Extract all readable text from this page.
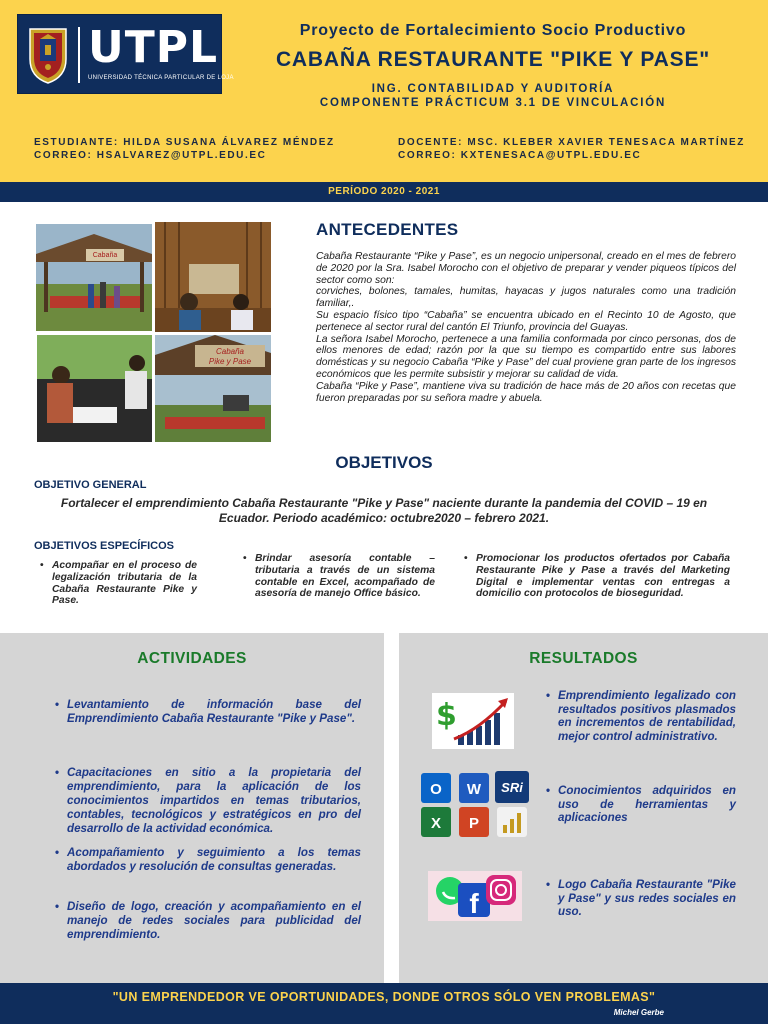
UTPL
UNIVERSIDAD TÉCNICA PARTICULAR DE LOJA
Proyecto de Fortalecimiento Socio Productivo
CABAÑA RESTAURANTE "PIKE Y PASE"
ING. CONTABILIDAD Y AUDITORÍA
COMPONENTE PRÁCTICUM 3.1 DE VINCULACIÓN
ESTUDIANTE: HILDA SUSANA ÁLVAREZ MÉNDEZ
CORREO: HSALVAREZ@UTPL.EDU.EC
DOCENTE: MSC. KLEBER XAVIER TENESACA MARTÍNEZ
CORREO: KXTENESACA@UTPL.EDU.EC
PERÍODO 2020 - 2021
Cabaña
Cabaña
Pike y Pase
ANTECEDENTES

Cabaña Restaurante “Pike y Pase”, es un negocio unipersonal, creado en el mes de febrero de 2020 por la Sra. Isabel Morocho con el objetivo de preparar y vender piqueos típicos del sector como son:

corviches, bolones, tamales, humitas, hayacas y jugos naturales como una tradición familiar,.

Su espacio físico tipo “Cabaña” se encuentra ubicado en el Recinto 10 de Agosto, que pertenece al sector rural del cantón El Triunfo, provincia del Guayas.

La señora Isabel Morocho, pertenece a una familia conformada por cinco personas, dos de ellos menores de edad; razón por la que su tiempo es compartido entre sus labores domésticas y su negocio Cabaña “Pike y Pase” del cual proviene gran parte de los ingresos económicos que les permite subsistir y mejorar su calidad de vida.

Cabaña “Pike y Pase”, mantiene viva su tradición de hace más de 20 años con recetas que fueron preparadas por su señora madre y abuela.

OBJETIVOS
OBJETIVO GENERAL
Fortalecer el emprendimiento Cabaña Restaurante "Pike y Pase" naciente durante la pandemia del COVID – 19 en Ecuador. Periodo académico: octubre2020 – febrero 2021.
OBJETIVOS ESPECÍFICOS
• Acompañar en el proceso de legalización tributaria de la Cabaña Restaurante Pike y Pase.
• Brindar asesoría contable – tributaria a través de un sistema contable en Excel, acompañado de asesoría de manejo Office básico.
• Promocionar los productos ofertados por Cabaña Restaurante Pike y Pase a través del Marketing Digital e implementar ventas con entregas a domicilio con protocolos de bioseguridad.
ACTIVIDADES
• Levantamiento de información base del Emprendimiento Cabaña Restaurante "Pike y Pase".
• Capacitaciones en sitio a la propietaria del emprendimiento, para la aplicación de los conocimientos impartidos en temas tributarios, contables, tecnológicos y estratégicos en pro del desarrollo de la actividad económica.
• Acompañamiento y seguimiento a los temas abordados y resolución de consultas generadas.
• Diseño de logo, creación y acompañamiento en el manejo de redes sociales para publicidad del emprendimiento.
RESULTADOS
$
O W SRi
X P
f
• Emprendimiento legalizado con resultados positivos plasmados en incrementos de rentabilidad, mejor control administrativo.
• Conocimientos adquiridos en uso de herramientas y aplicaciones
• Logo Cabaña Restaurante "Pike y Pase" y sus redes sociales en uso.
"UN EMPRENDEDOR VE OPORTUNIDADES, DONDE OTROS SÓLO VEN PROBLEMAS"
Michel Gerbe
